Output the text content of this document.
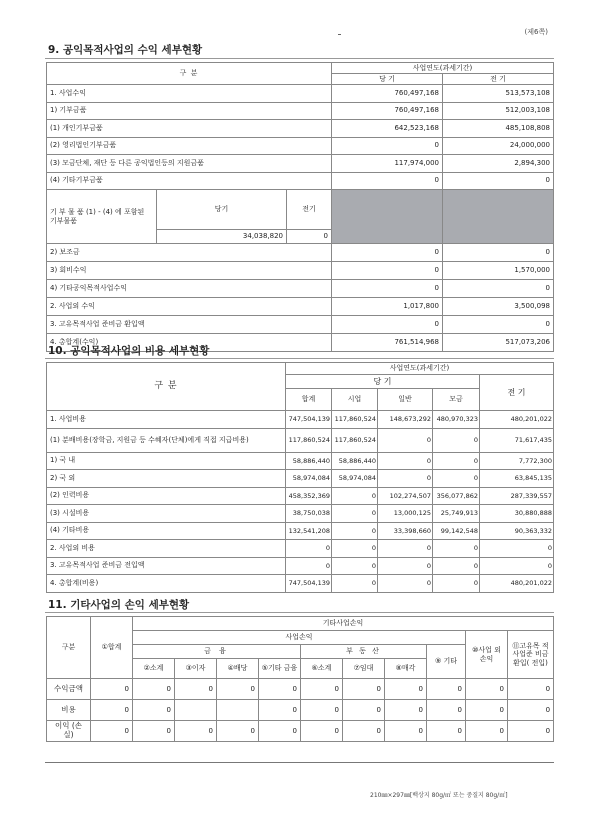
(제6쪽)
9. 공익목적사업의 수익 세부현황
구 분			사업연도(과세기간)	
			당 기	전 기
1. 사업수익			760,497,168	513,573,108
1) 기부금품			760,497,168	512,003,108
(1) 개인기부금품			642,523,168	485,108,808
(2) 영리법인기부금품			0	24,000,000
(3) 모금단체, 재단 등 다른 공익법인등의 지원금품			117,974,000	2,894,300
(4) 기타기부금품			0	0
기 부 물 품 (1) - (4) 에 포함된 기부물품	당기	전기		
	34,038,820	0		
2) 보조금			0	0
3) 회비수익			0	1,570,000
4) 기타공익목적사업수익			0	0
2. 사업외 수익			1,017,800	3,500,098
3. 고유목적사업 준비금 환입액			0	0
4. 총합계(수익)			761,514,968	517,073,206
10. 공익목적사업의 비용 세부현황
구 분	사업연도(과세기간)				
	당 기				전 기
	합계	시업	일반	모금	
1. 사업비용	747,504,139	117,860,524	148,673,292	480,970,323	480,201,022
(1) 분배비용(장학금, 지원금 등 수혜자(단체)에게 직접 지급비용)	117,860,524	117,860,524	0	0	71,617,435
1) 국 내	58,886,440	58,886,440	0	0	7,772,300
2) 국 외	58,974,084	58,974,084	0	0	63,845,135
(2) 인력비용	458,352,369	0	102,274,507	356,077,862	287,339,557
(3) 시설비용	38,750,038	0	13,000,125	25,749,913	30,880,888
(4) 기타비용	132,541,208	0	33,398,660	99,142,548	90,363,332
2. 사업외 비용	0	0	0	0	0
3. 고유목적사업 준비금 전입액	0	0	0	0	0
4. 총합계(비용)	747,504,139	0	0	0	480,201,022
11. 기타사업의 손익 세부현황
구분	①합계	기타사업손익									
		사업손익								⑩사업 외손익	⑪고유목 적사업준 비금환입( 전입)
		금 융				부 동 산			⑨ 기타		
		②소계	③이자	④배당	⑤기타 금융	⑥소계	⑦임대	⑧매각			
수익금액	0	0	0	0	0	0	0	0	0	0	0
비용	0	0			0	0	0	0	0	0	0
이익 (손실)	0	0	0	0	0	0	0	0	0	0	0
210㎜×297㎜[백상지 80g/㎡ 또는 중질지 80g/㎡]
